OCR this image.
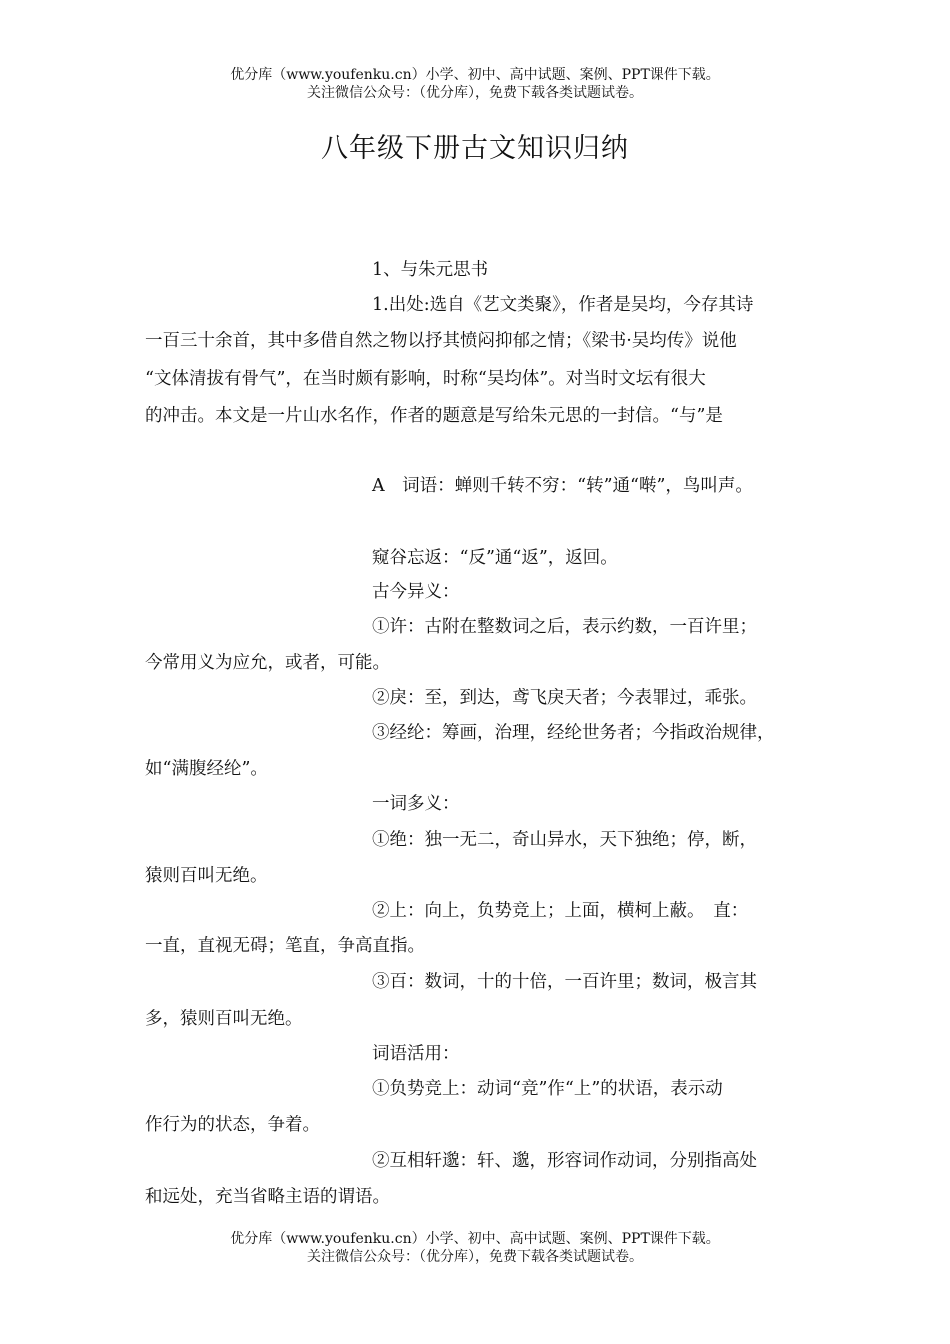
优分库（www.youfenku.cn）小学、初中、高中试题、案例、PPT课件下载。
关注微信公众号：（优分库），免费下载各类试题试卷。
八年级下册古文知识归纳
1、与朱元思书
1.出处:选自《艺文类聚》，作者是吴均，今存其诗
一百三十余首，其中多借自然之物以抒其愤闷抑郁之情；《梁书·吴均传》说他
“文体清拔有骨气”，在当时颇有影响，时称“吴均体”。对当时文坛有很大
的冲击。本文是一片山水名作，作者的题意是写给朱元思的一封信。“与”是
A　词语：蝉则千转不穷：“转”通“啭”，鸟叫声。
窥谷忘返：“反”通“返”，返回。
古今异义：
①许：古附在整数词之后，表示约数，一百许里；
今常用义为应允，或者，可能。
②戾：至，到达，鸢飞戾天者；今表罪过，乖张。
③经纶：筹画，治理，经纶世务者；今指政治规律，
如“满腹经纶”。
一词多义：
①绝：独一无二，奇山异水，天下独绝；停，断，
猿则百叫无绝。
②上：向上，负势竞上；上面，横柯上蔽。　直：
一直，直视无碍；笔直，争高直指。
③百：数词，十的十倍，一百许里；数词，极言其
多，猿则百叫无绝。
词语活用：
①负势竞上：动词“竞”作“上”的状语，表示动
作行为的状态，争着。
②互相轩邈：轩、邈，形容词作动词，分别指高处
和远处，充当省略主语的谓语。
优分库（www.youfenku.cn）小学、初中、高中试题、案例、PPT课件下载。
关注微信公众号：（优分库），免费下载各类试题试卷。
